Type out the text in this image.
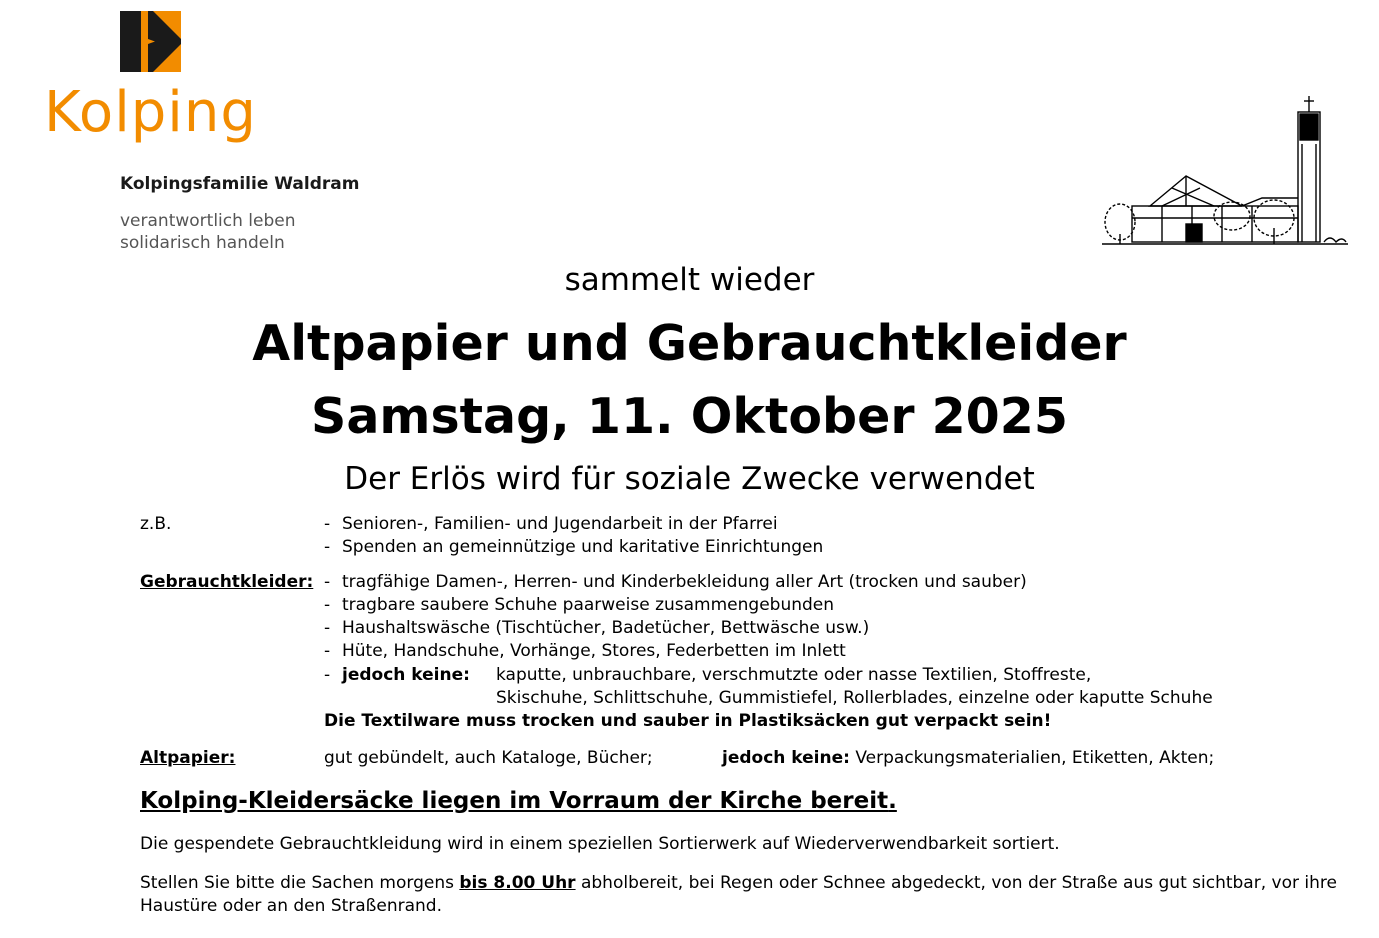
Kolping
Kolpingsfamilie Waldram
verantwortlich leben
solidarisch handeln
sammelt wieder
Altpapier und Gebrauchtkleider
Samstag, 11. Oktober 2025
Der Erlös wird für soziale Zwecke verwendet
z.B.	- Senioren-, Familien- und Jugendarbeit in der Pfarrei
- Spenden an gemeinnützige und karitative Einrichtungen
Gebrauchtkleider: - tragfähige Damen-, Herren- und Kinderbekleidung aller Art (trocken und sauber)
- tragbare saubere Schuhe paarweise zusammengebunden
- Haushaltswäsche (Tischtücher, Badetücher, Bettwäsche usw.)
- Hüte, Handschuhe, Vorhänge, Stores, Federbetten im Inlett
- jedoch keine: kaputte, unbrauchbare, verschmutzte oder nasse Textilien, Stoffreste,
Skischuhe, Schlittschuhe, Gummistiefel, Rollerblades, einzelne oder kaputte Schuhe
Die Textilware muss trocken und sauber in Plastiksäcken gut verpackt sein!
Altpapier:	gut gebündelt, auch Kataloge, Bücher;	jedoch keine: Verpackungsmaterialien, Etiketten, Akten;
Kolping-Kleidersäcke liegen im Vorraum der Kirche bereit.
Die gespendete Gebrauchtkleidung wird in einem speziellen Sortierwerk auf Wiederverwendbarkeit sortiert.
Stellen Sie bitte die Sachen morgens bis 8.00 Uhr abholbereit, bei Regen oder Schnee abgedeckt, von der Straße aus gut sichtbar, vor ihre
Haustüre oder an den Straßenrand.
